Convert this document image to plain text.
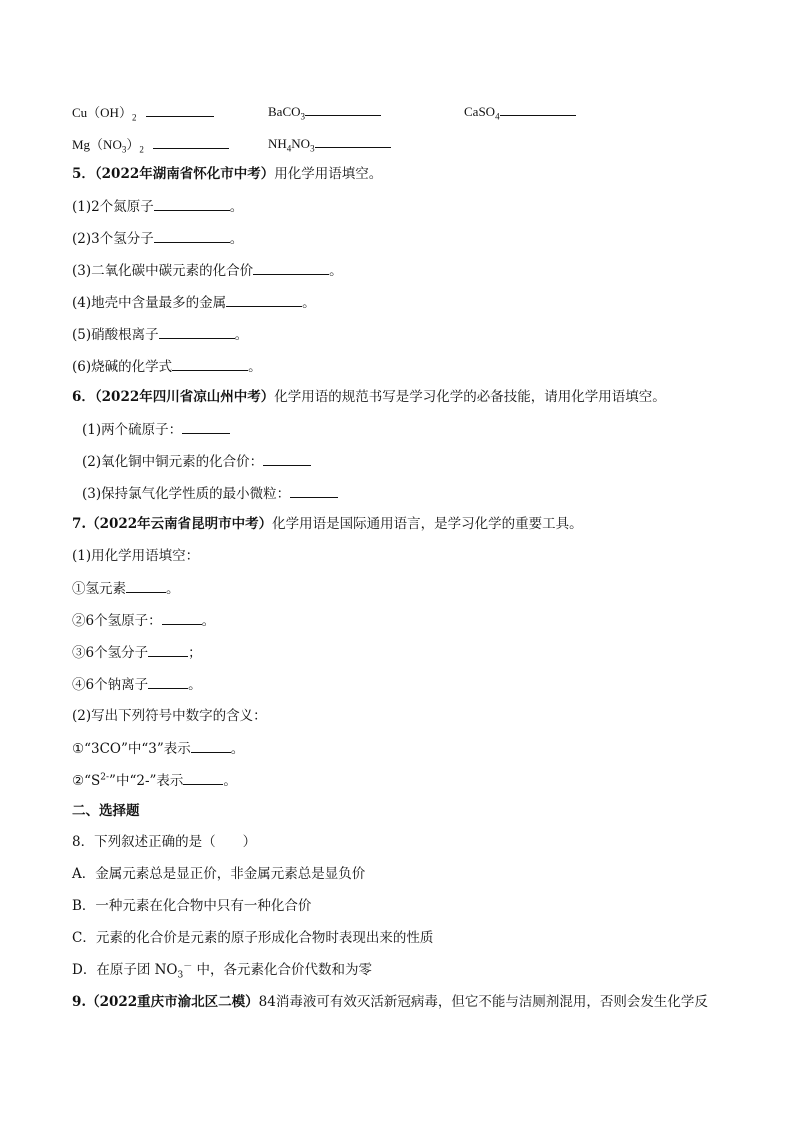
$Cu(OH)_2$	BaCO$_3$	CaSO$_4$
$Mg(NO_3)_2$	$NH_4NO_3$
5．（2022年湖南省怀化市中考）用化学用语填空。
(1)2个氮原子	。
(2)3个氢分子	。
(3)二氧化碳中碳元素的化合价	。
(4)地壳中含量最多的金属	。
(5)硝酸根离子	。
(6)烧碱的化学式	。
6．（2022年四川省凉山州中考）化学用语的规范书写是学习化学的必备技能，请用化学用语填空。
(1)两个硫原子：
(2)氧化铜中铜元素的化合价：
(3)保持氯气化学性质的最小微粒：
7.（2022年云南省昆明市中考）化学用语是国际通用语言，是学习化学的重要工具。
(1)用化学用语填空：
①氢元素	。
②6个氢原子：	。
③6个氢分子	；
④6个钠离子	。
(2)写出下列符号中数字的含义：
①“3CO”中“3”表示	。
$②“S^{2-}$”中“2-”表示	。
二、选择题
8．下列叙述正确的是（　　）
A．金属元素总是显正价，非金属元素总是显负价
B．一种元素在化合物中只有一种化合价
C．元素的化合价是元素的原子形成化合物时表现出来的性质
D．在原子团 $NO_3^-$ 中，各元素化合价代数和为零
9.（2022重庆市渝北区二模）84消毒液可有效灭活新冠病毒，但它不能与洁厕剂混用，否则会发生化学反
